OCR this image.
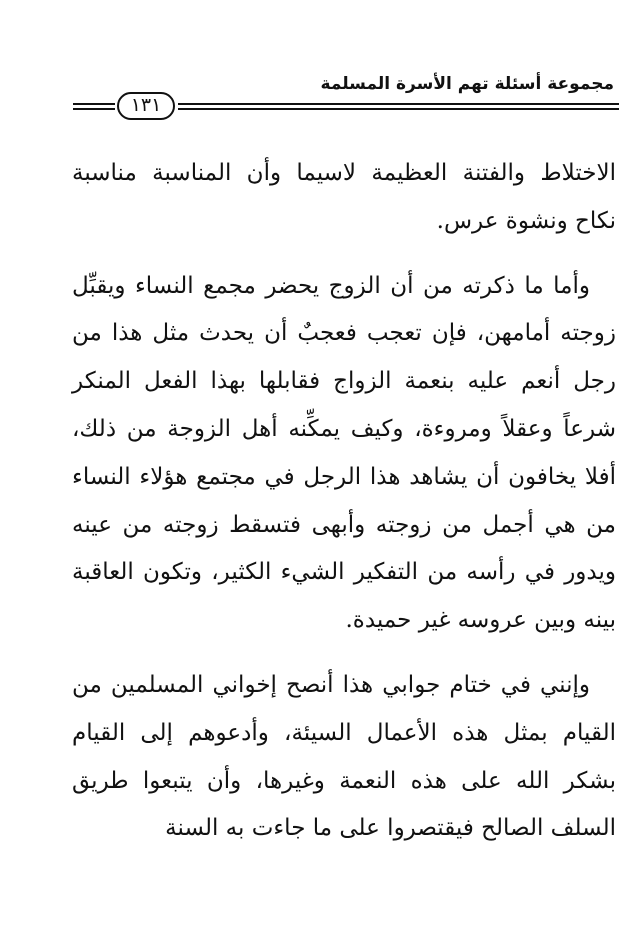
مجموعة أسئلة تهم الأسرة المسلمة
١٣١

الاختلاط والفتنة العظيمة لاسيما وأن المناسبة مناسبة نكاح ونشوة عرس.

وأما ما ذكرته من أن الزوج يحضر مجمع النساء ويقبِّل زوجته أمامهن، فإن تعجب فعجبٌ أن يحدث مثل هذا من رجل أنعم عليه بنعمة الزواج فقابلها بهذا الفعل المنكر شرعاً وعقلاً ومروءة، وكيف يمكِّنه أهل الزوجة من ذلك، أفلا يخافون أن يشاهد هذا الرجل في مجتمع هؤلاء النساء من هي أجمل من زوجته وأبهى فتسقط زوجته من عينه ويدور في رأسه من التفكير الشيء الكثير، وتكون العاقبة بينه وبين عروسه غير حميدة.

وإنني في ختام جوابي هذا أنصح إخواني المسلمين من القيام بمثل هذه الأعمال السيئة، وأدعوهم إلى القيام بشكر الله على هذه النعمة وغيرها، وأن يتبعوا طريق السلف الصالح فيقتصروا على ما جاءت به السنة
